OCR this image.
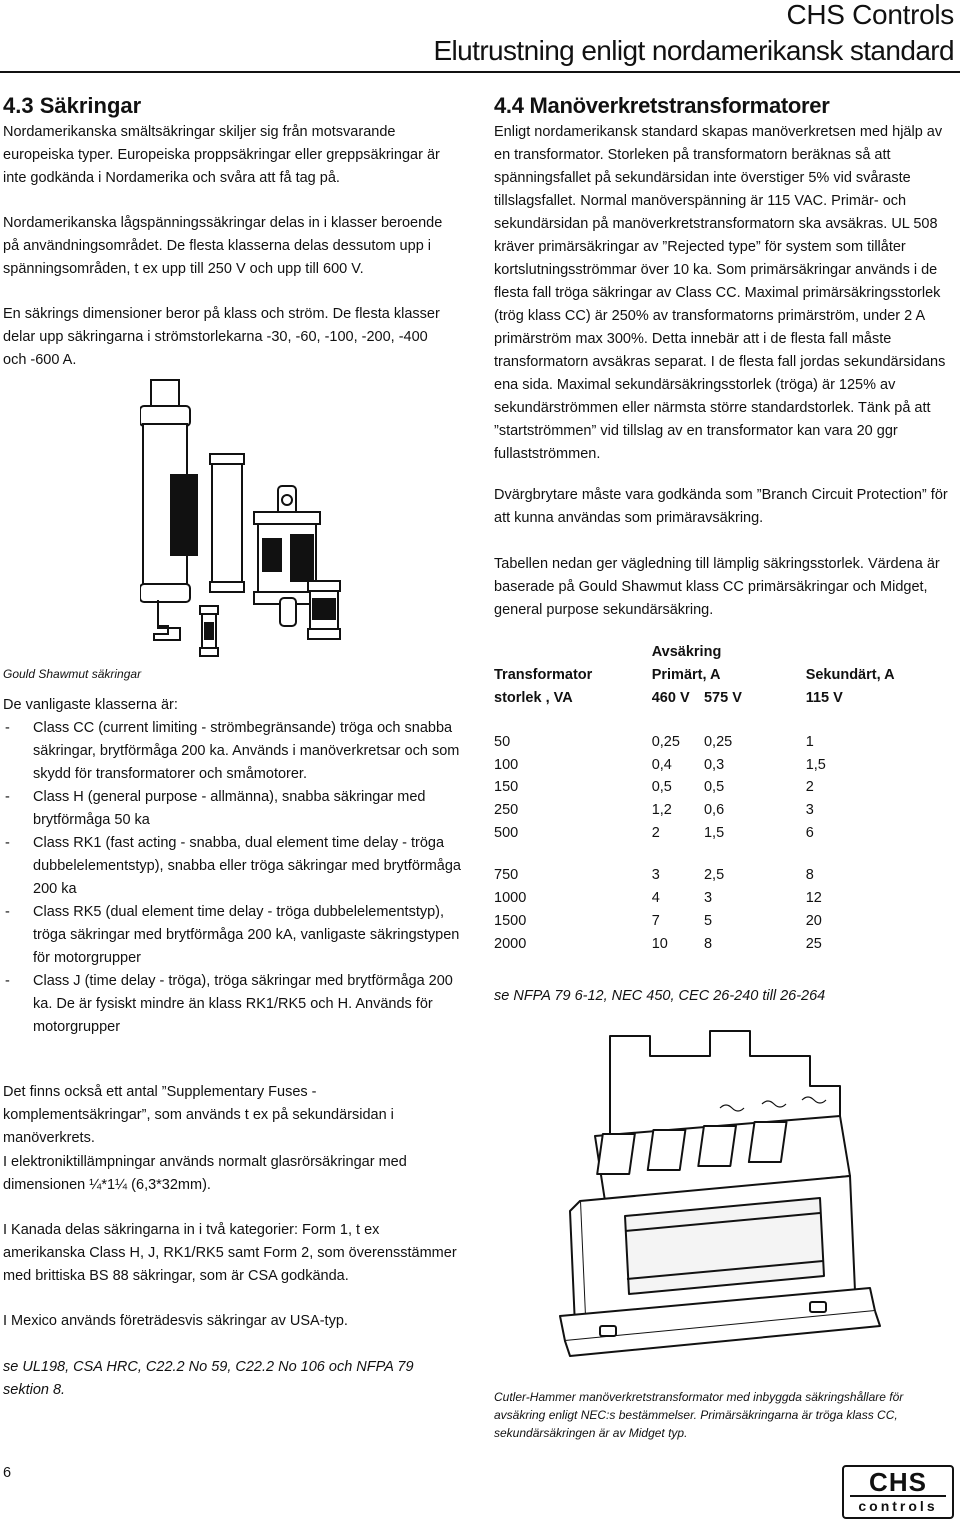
CHS Controls
Elutrustning enligt nordamerikansk standard
4.3 Säkringar

Nordamerikanska smältsäkringar skiljer sig från motsvarande europeiska typer. Europeiska proppsäkringar eller greppsäkringar är inte godkända i Nordamerika och svåra att få tag på.

Nordamerikanska lågspänningssäkringar delas in i klasser beroende på användningsområdet. De flesta klasserna delas dessutom upp i spänningsområden, t ex upp till 250 V och upp till 600 V.

En säkrings dimensioner beror på klass och ström. De flesta klasser delar upp säkringarna i strömstorlekarna -30, -60, -100, -200, -400 och -600 A.

Gould Shawmut säkringar

De vanligaste klasserna är:

- Class CC (current limiting - strömbegränsande) tröga och snabba säkringar, brytförmåga 200 ka. Används i manöverkretsar och som skydd för transformatorer och småmotorer.
- Class H (general purpose - allmänna), snabba säkringar med brytförmåga 50 ka
- Class RK1 (fast acting - snabba, dual element time delay - tröga dubbelelementstyp), snabba eller tröga säkringar med brytförmåga 200 ka
- Class RK5 (dual element time delay - tröga dubbelelementstyp), tröga säkringar med brytförmåga 200 kA, vanligaste säkringstypen för motorgrupper
- Class J (time delay - tröga), tröga säkringar med brytförmåga 200 ka. De är fysiskt mindre än klass RK1/RK5 och H. Används för motorgrupper

Det finns också ett antal ”Supplementary Fuses - komplementsäkringar”, som används t ex på sekundärsidan i manöverkrets.

I elektroniktillämpningar används normalt glasrörsäkringar med dimensionen ¼*1¼ (6,3*32mm).

I Kanada delas säkringarna in i två kategorier: Form 1, t ex amerikanska Class H, J, RK1/RK5 samt Form 2, som överensstämmer med brittiska BS 88 säkringar, som är CSA godkända.

I Mexico används företrädesvis säkringar av USA-typ.

se UL198, CSA HRC, C22.2 No 59, C22.2 No 106 och NFPA 79 sektion 8.

6
4.4 Manöverkretstransformatorer

Enligt nordamerikansk standard skapas manöverkretsen med hjälp av en transformator. Storleken på transformatorn beräknas så att spänningsfallet på sekundärsidan inte överstiger 5% vid svåraste tillslagsfallet. Normal manöverspänning är 115 VAC. Primär- och sekundärsidan på manöverkretstransformatorn ska avsäkras. UL 508 kräver primärsäkringar av ”Rejected type” för system som tillåter kortslutningsströmmar över 10 ka. Som primärsäkringar används i de flesta fall tröga säkringar av Class CC. Maximal primärsäkringsstorlek (trög klass CC) är 250% av transformatorns primärström, under 2 A primärström max 300%. Detta innebär att i de flesta fall måste transformatorn avsäkras separat. I de flesta fall jordas sekundärsidans ena sida. Maximal sekundärsäkringsstorlek (tröga) är 125% av sekundärströmmen eller närmsta större standardstorlek. Tänk på att ”startströmmen” vid tillslag av en transformator kan vara 20 ggr fullastströmmen.

Dvärgbrytare måste vara godkända som ”Branch Circuit Protection” för att kunna användas som primäravsäkring.

Tabellen nedan ger vägledning till lämplig säkringsstorlek. Värdena är baserade på Gould Shawmut klass CC primärsäkringar och Midget, general purpose sekundärsäkring.

	Avsäkring			
Transformator	Primärt, A		Sekundärt, A	
storlek , VA	460 V	575 V	115 V	

50	0,25	0,25	1	
100	0,4	0,3	1,5	
150	0,5	0,5	2	
250	1,2	0,6	3	
500	2	1,5	6	

750	3	2,5	8	
1000	4	3	12	
1500	7	5	20	
2000	10	8	25	

se NFPA 79 6-12, NEC 450, CEC 26-240 till 26-264

Cutler-Hammer manöverkretstransformator med inbyggda säkringshållare för avsäkring enligt NEC:s bestämmelser. Primärsäkringarna är tröga klass CC, sekundärsäkringen är av Midget typ.

CHS
controls
